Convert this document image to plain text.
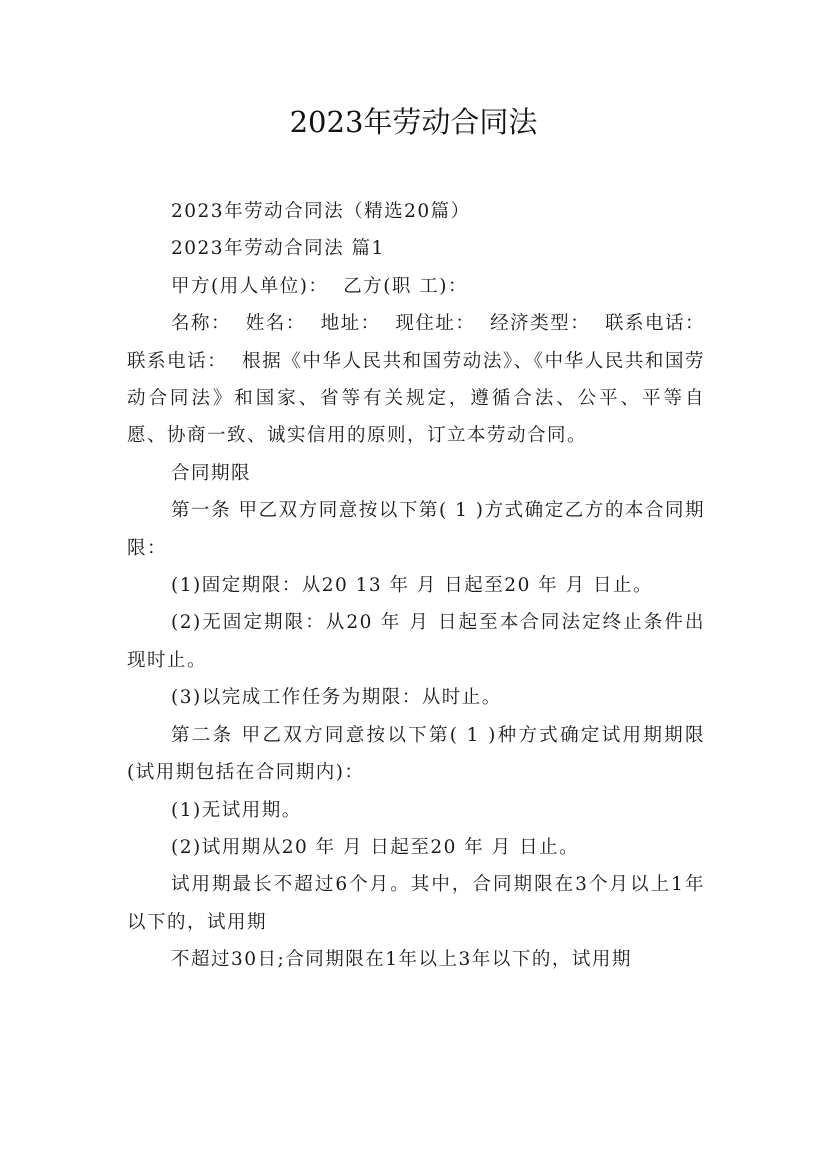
2023年劳动合同法

2023年劳动合同法（精选20篇）

2023年劳动合同法 篇1

甲方(用人单位)：  乙方(职 工)：

名称：  姓名：  地址：  现住址：  经济类型：  联系电话：  联系电话：  根据《中华人民共和国劳动法》、《中华人民共和国劳动合同法》和国家、省等有关规定，遵循合法、公平、平等自愿、协商一致、诚实信用的原则，订立本劳动合同。

合同期限

第一条 甲乙双方同意按以下第( 1 )方式确定乙方的本合同期限：

(1)固定期限：从20 13 年 月 日起至20 年 月 日止。

(2)无固定期限：从20 年 月 日起至本合同法定终止条件出现时止。

(3)以完成工作任务为期限：从时止。

第二条 甲乙双方同意按以下第( 1 )种方式确定试用期期限(试用期包括在合同期内)：

(1)无试用期。

(2)试用期从20 年 月 日起至20 年 月 日止。

试用期最长不超过6个月。其中，合同期限在3个月以上1年以下的，试用期

不超过30日;合同期限在1年以上3年以下的，试用期
